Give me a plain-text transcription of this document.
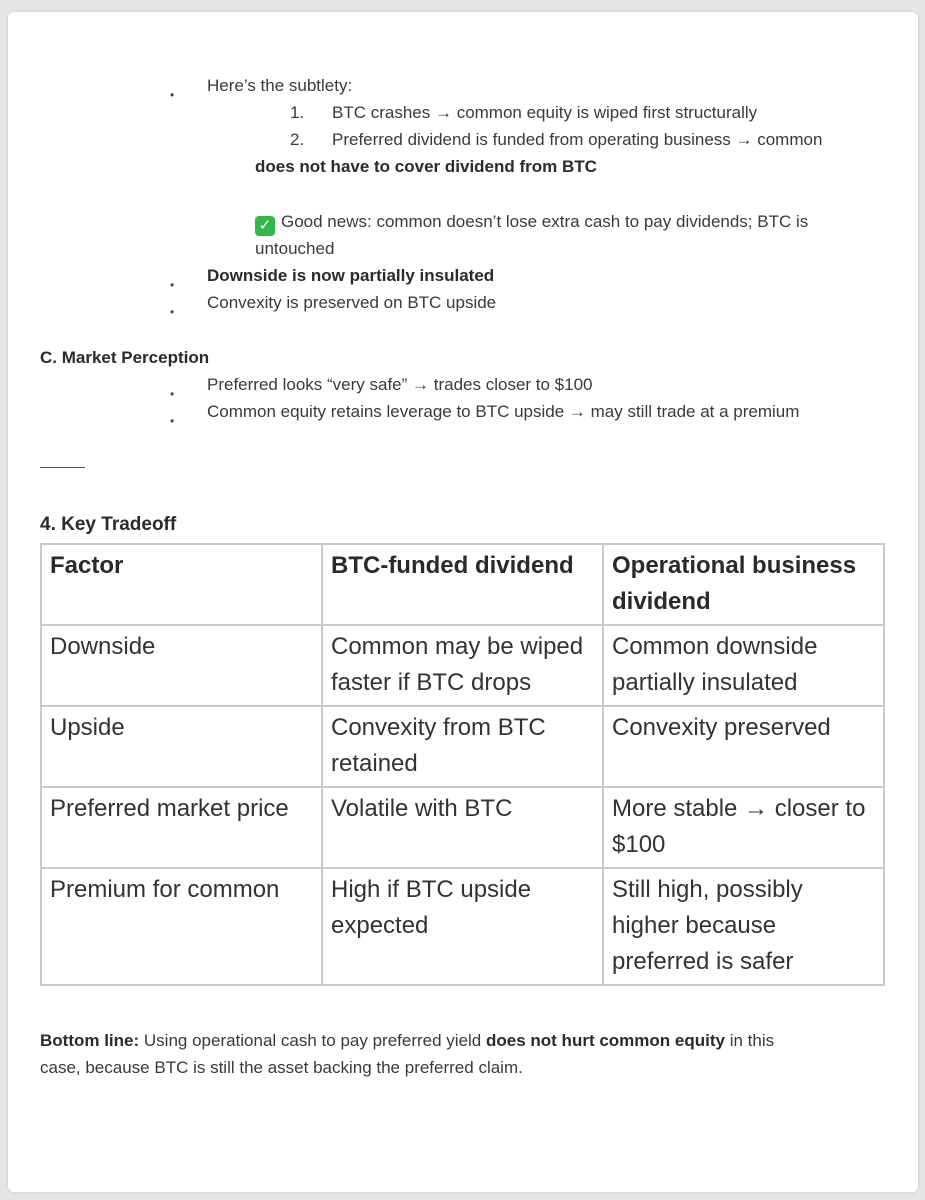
• Here’s the subtlety:
1. BTC crashes → common equity is wiped first structurally
2. Preferred dividend is funded from operating business → common
does not have to cover dividend from BTC
✓ Good news: common doesn’t lose extra cash to pay dividends; BTC is
untouched
• Downside is now partially insulated
• Convexity is preserved on BTC upside
C. Market Perception
• Preferred looks “very safe” → trades closer to $100
• Common equity retains leverage to BTC upside → may still trade at a premium
4. Key Tradeoff
Factor	BTC-funded dividend	Operational business dividend
Downside	Common may be wiped faster if BTC drops	Common downside partially insulated
Upside	Convexity from BTC retained	Convexity preserved
Preferred market price	Volatile with BTC	More stable → closer to $100
Premium for common	High if BTC upside expected	Still high, possibly higher because preferred is safer
Bottom line: Using operational cash to pay preferred yield does not hurt common equity in this
case, because BTC is still the asset backing the preferred claim.
